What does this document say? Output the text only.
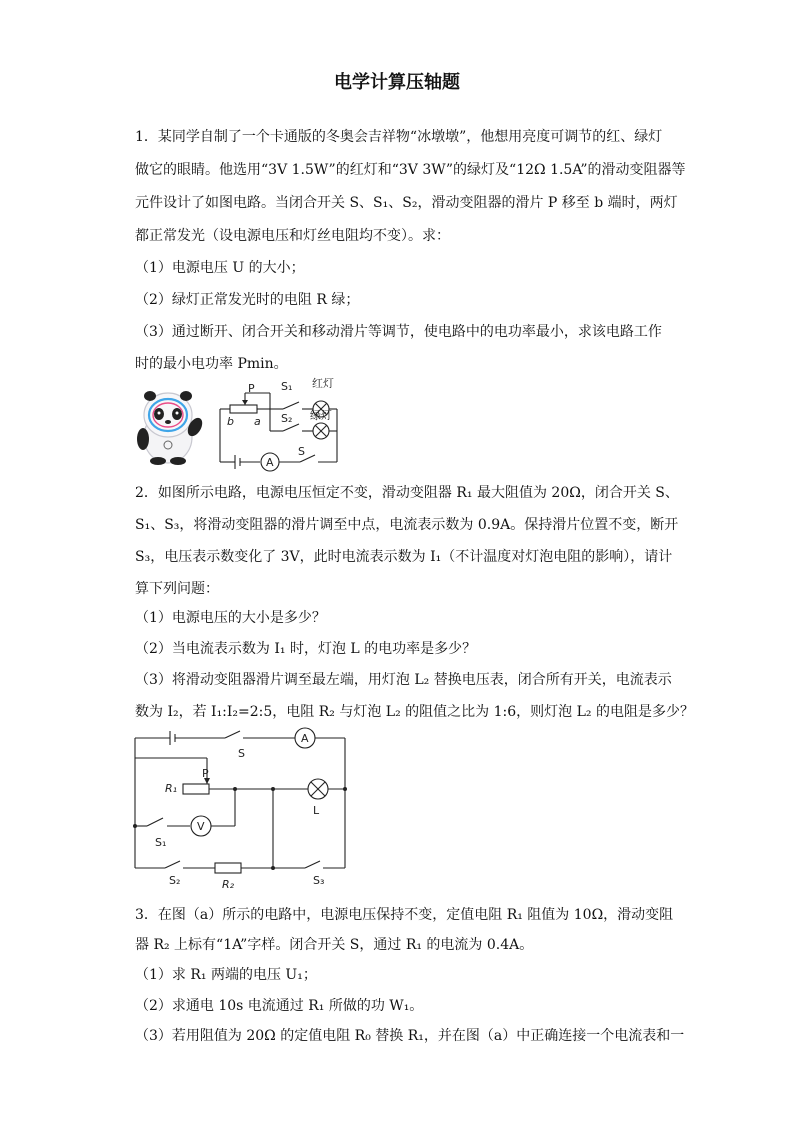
电学计算压轴题
1．某同学自制了一个卡通版的冬奥会吉祥物“冰墩墩”，他想用亮度可调节的红、绿灯
做它的眼睛。他选用“3V 1.5W”的红灯和“3V 3W”的绿灯及“12Ω 1.5A”的滑动变阻器等
元件设计了如图电路。当闭合开关 S、S₁、S₂，滑动变阻器的滑片 P 移至 b 端时，两灯
都正常发光（设电源电压和灯丝电阻均不变）。求：
（1）电源电压 U 的大小；
（2）绿灯正常发光时的电阻 R 绿；
（3）通过断开、闭合开关和移动滑片等调节，使电路中的电功率最小，求该电路工作
时的最小电功率 Pmin。
P
b a
S₁
S₂
S
红灯
绿灯
A
2．如图所示电路，电源电压恒定不变，滑动变阻器 R₁ 最大阻值为 20Ω，闭合开关 S、
S₁、S₃，将滑动变阻器的滑片调至中点，电流表示数为 0.9A。保持滑片位置不变，断开
S₃，电压表示数变化了 3V，此时电流表示数为 I₁（不计温度对灯泡电阻的影响），请计
算下列问题：
（1）电源电压的大小是多少？
（2）当电流表示数为 I₁ 时，灯泡 L 的电功率是多少？
（3）将滑动变阻器滑片调至最左端，用灯泡 L₂ 替换电压表，闭合所有开关，电流表示
数为 I₂，若 I₁:I₂=2:5，电阻 R₂ 与灯泡 L₂ 的阻值之比为 1:6，则灯泡 L₂ 的电阻是多少？
S
A
P
R₁
L
V
S₁
S₂	R₂	S₃
3．在图（a）所示的电路中，电源电压保持不变，定值电阻 R₁ 阻值为 10Ω，滑动变阻
器 R₂ 上标有“1A”字样。闭合开关 S，通过 R₁ 的电流为 0.4A。
（1）求 R₁ 两端的电压 U₁；
（2）求通电 10s 电流通过 R₁ 所做的功 W₁。
（3）若用阻值为 20Ω 的定值电阻 R₀ 替换 R₁，并在图（a）中正确连接一个电流表和一
